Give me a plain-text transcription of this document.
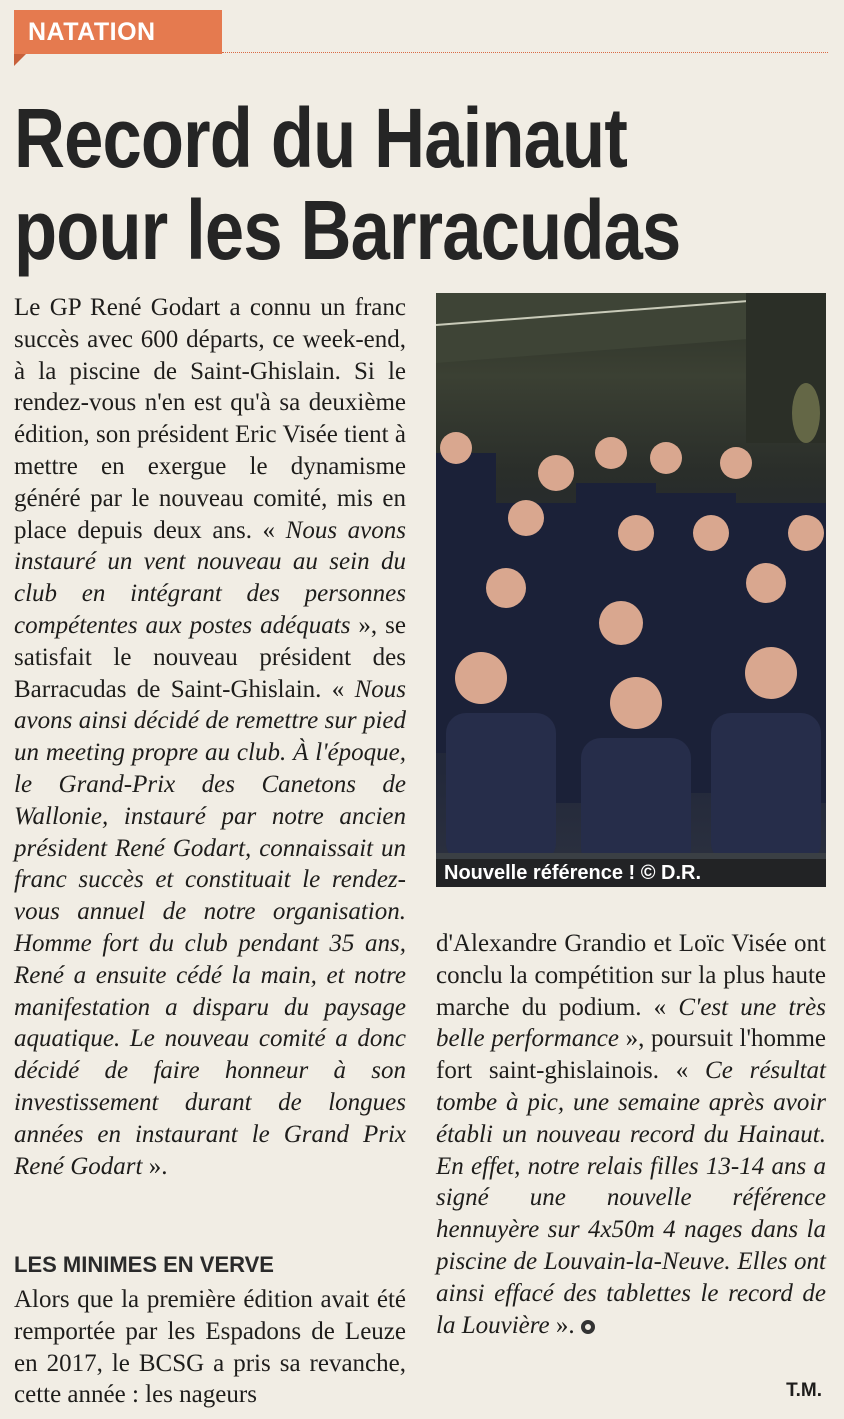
NATATION
Record du Hainaut
pour les Barracudas

Le GP René Godart a connu un franc succès avec 600 départs, ce week-end, à la piscine de Saint-Ghislain. Si le rendez-vous n'en est qu'à sa deuxième édition, son président Eric Visée tient à mettre en exergue le dynamisme généré par le nouveau comité, mis en place depuis deux ans. « Nous avons instauré un vent nouveau au sein du club en intégrant des personnes compétentes aux postes adéquats », se satisfait le nouveau président des Barracudas de Saint-Ghislain. « Nous avons ainsi décidé de remettre sur pied un meeting propre au club. À l'époque, le Grand-Prix des Canetons de Wallonie, instauré par notre ancien président René Godart, connaissait un franc succès et constituait le rendez-vous annuel de notre organisation. Homme fort du club pendant 35 ans, René a ensuite cédé la main, et notre manifestation a disparu du paysage aquatique. Le nouveau comité a donc décidé de faire honneur à son investissement durant de longues années en instaurant le Grand Prix René Godart ».

LES MINIMES EN VERVE

Alors que la première édition avait été remportée par les Espadons de Leuze en 2017, le BCSG a pris sa revanche, cette année : les nageurs

Nouvelle référence ! © D.R.

d'Alexandre Grandio et Loïc Visée ont conclu la compétition sur la plus haute marche du podium. « C'est une très belle performance », poursuit l'homme fort saint-ghislainois. « Ce résultat tombe à pic, une semaine après avoir établi un nouveau record du Hainaut. En effet, notre relais filles 13-14 ans a signé une nouvelle référence hennuyère sur 4x50m 4 nages dans la piscine de Louvain-la-Neuve. Elles ont ainsi effacé des tablettes le record de la Louvière ».

T.M.
